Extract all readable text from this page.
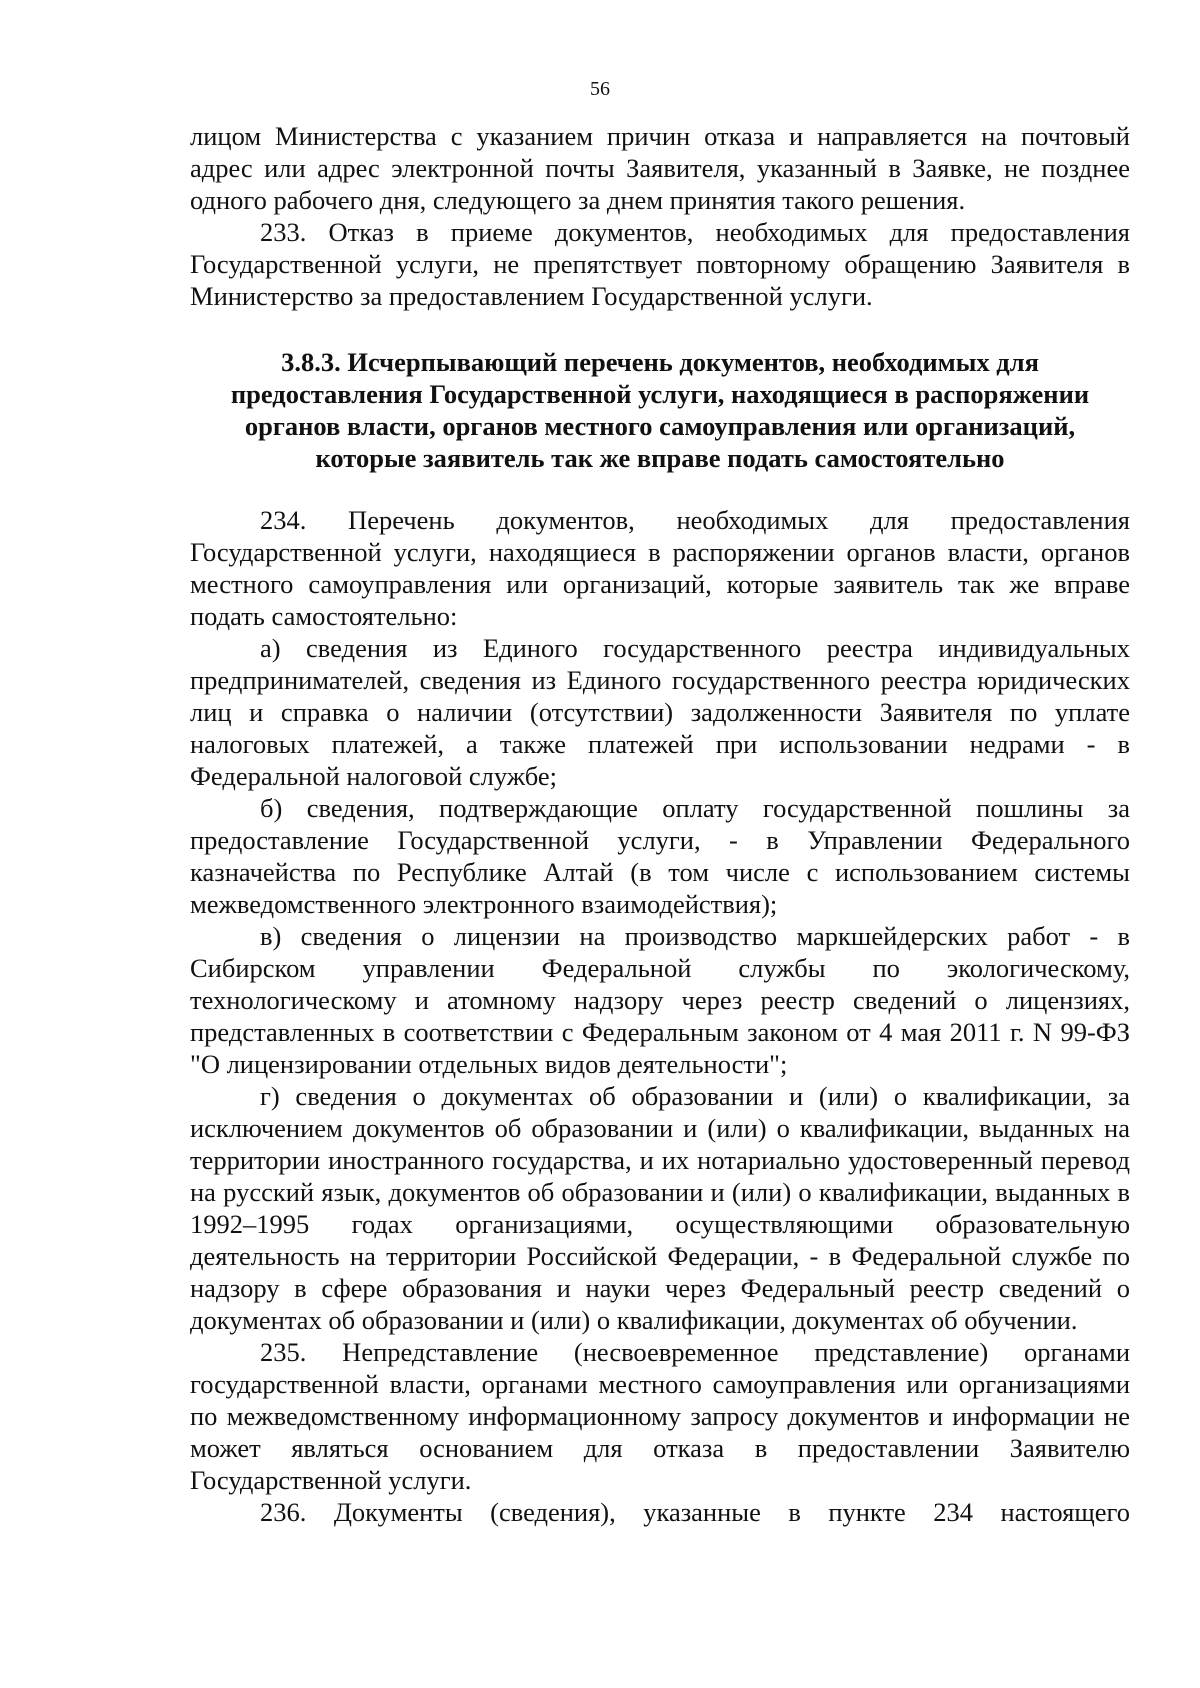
56

лицом Министерства с указанием причин отказа и направляется на почтовый адрес или адрес электронной почты Заявителя, указанный в Заявке, не позднее одного рабочего дня, следующего за днем принятия такого решения.

233. Отказ в приеме документов, необходимых для предоставления Государственной услуги, не препятствует повторному обращению Заявителя в Министерство за предоставлением Государственной услуги.

3.8.3. Исчерпывающий перечень документов, необходимых для
предоставления Государственной услуги, находящиеся в распоряжении
органов власти, органов местного самоуправления или организаций,
которые заявитель так же вправе подать самостоятельно

234. Перечень документов, необходимых для предоставления Государственной услуги, находящиеся в распоряжении органов власти, органов местного самоуправления или организаций, которые заявитель так же вправе подать самостоятельно:

а) сведения из Единого государственного реестра индивидуальных предпринимателей, сведения из Единого государственного реестра юридических лиц и справка о наличии (отсутствии) задолженности Заявителя по уплате налоговых платежей, а также платежей при использовании недрами - в Федеральной налоговой службе;

б) сведения, подтверждающие оплату государственной пошлины за предоставление Государственной услуги, - в Управлении Федерального казначейства по Республике Алтай (в том числе с использованием системы межведомственного электронного взаимодействия);

в) сведения о лицензии на производство маркшейдерских работ - в Сибирском управлении Федеральной службы по экологическому, технологическому и атомному надзору через реестр сведений о лицензиях, представленных в соответствии с Федеральным законом от 4 мая 2011 г. N 99-ФЗ "О лицензировании отдельных видов деятельности";

г) сведения о документах об образовании и (или) о квалификации, за исключением документов об образовании и (или) о квалификации, выданных на территории иностранного государства, и их нотариально удостоверенный перевод на русский язык, документов об образовании и (или) о квалификации, выданных в 1992–1995 годах организациями, осуществляющими образовательную деятельность на территории Российской Федерации, - в Федеральной службе по надзору в сфере образования и науки через Федеральный реестр сведений о документах об образовании и (или) о квалификации, документах об обучении.

235. Непредставление (несвоевременное представление) органами государственной власти, органами местного самоуправления или организациями по межведомственному информационному запросу документов и информации не может являться основанием для отказа в предоставлении Заявителю Государственной услуги.

236. Документы (сведения), указанные в пункте 234 настоящего
